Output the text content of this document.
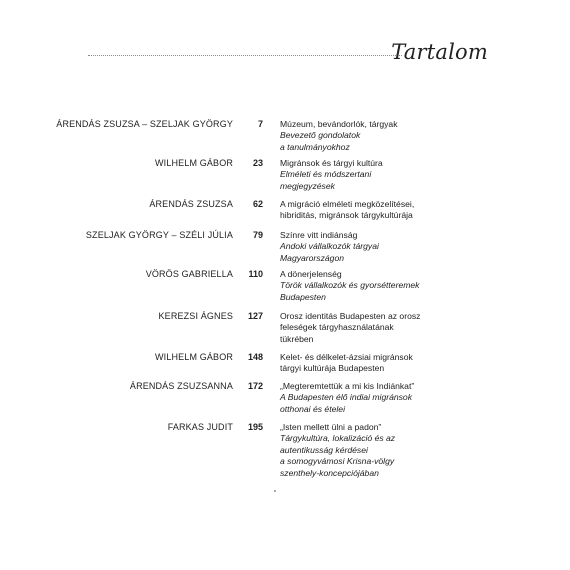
Tartalom
ÁRENDÁS ZSUZSA – SZELJAK GYÖRGY	7 Múzeum, bevándorlók, tárgyak
Bevezető gondolatok
a tanulmányokhoz
WILHELM GÁBOR 23 Migránsok és tárgyi kultúra
Elméleti és módszertani
megjegyzések
ÁRENDÁS ZSUZSA 62 A migráció elméleti megközelítései,
hibriditás, migránsok tárgykultúrája
SZELJAK GYÖRGY – SZÉLI JÚLIA 79 Színre vitt indiánság
Andoki vállalkozók tárgyai
Magyarországon
VÖRÖS GABRIELLA 110 A dönerjelenség
Török vállalkozók és gyorsétteremek
Budapesten
KEREZSI ÁGNES 127 Orosz identitás Budapesten az orosz
feleségek tárgyhasználatának
tükrében
WILHELM GÁBOR 148 Kelet- és délkelet-ázsiai migránsok
tárgyi kultúrája Budapesten
ÁRENDÁS ZSUZSANNA 172 „Megteremtettük a mi kis Indiánkat”
A Budapesten élő indiai migránsok
otthonai és ételei
FARKAS JUDIT 195 „Isten mellett ülni a padon”
Tárgykultúra, lokalizáció és az
autentikusság kérdései
a somogyvámosi Krisna-völgy
szenthely-koncepciójában
